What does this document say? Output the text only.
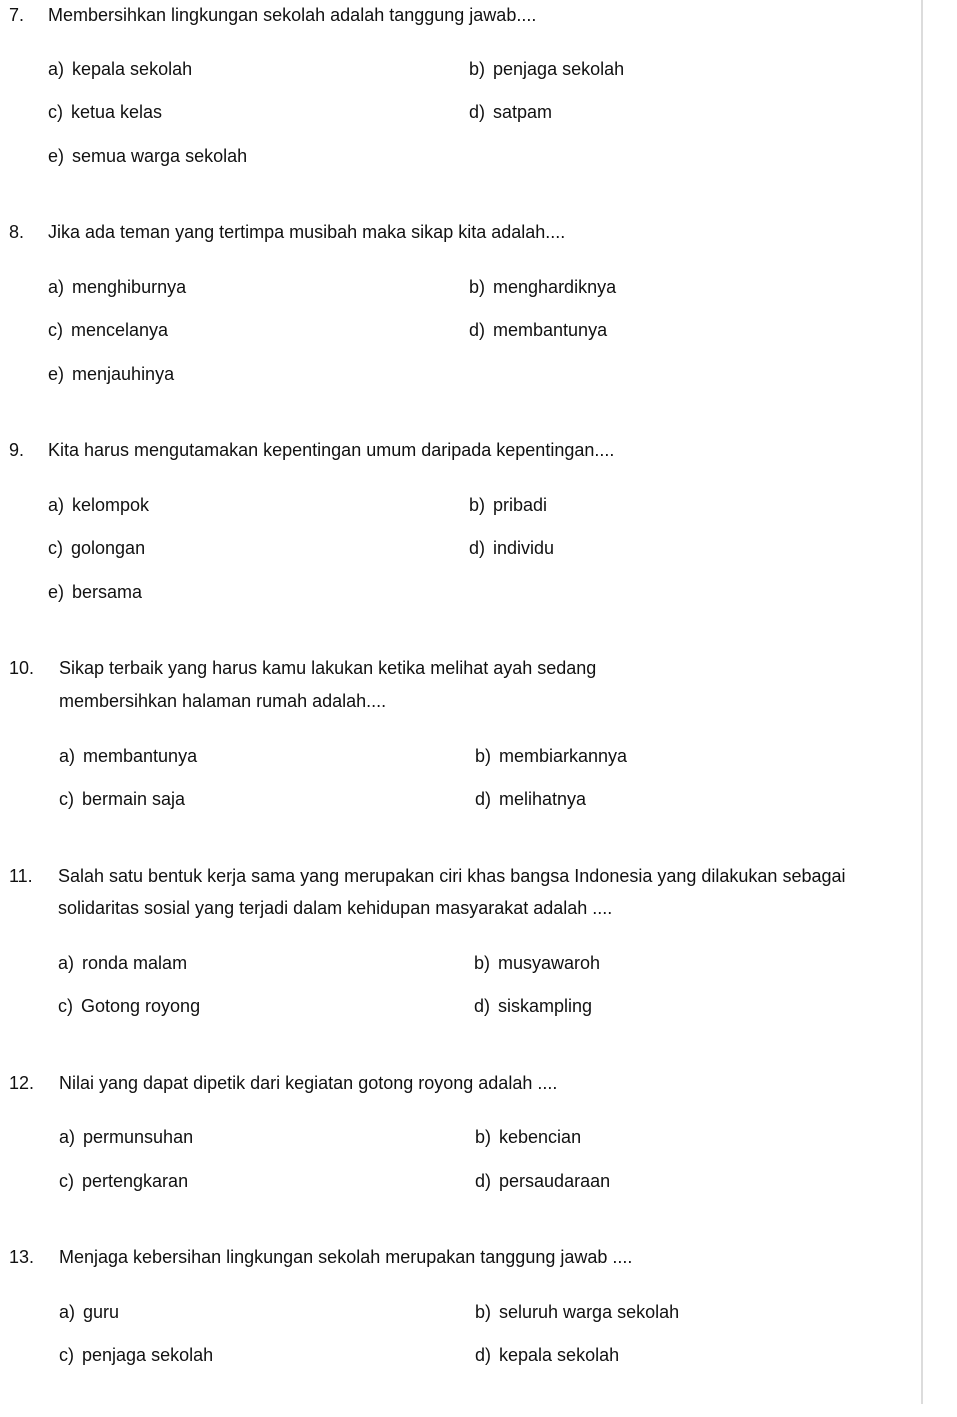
7. Membersihkan lingkungan sekolah adalah tanggung jawab....
a) kepala sekolah	b) penjaga sekolah
c) ketua kelas	d) satpam
e) semua warga sekolah
8. Jika ada teman yang tertimpa musibah maka sikap kita adalah....
a) menghiburnya	b) menghardiknya
c) mencelanya	d) membantunya
e) menjauhinya
9. Kita harus mengutamakan kepentingan umum daripada kepentingan....
a) kelompok	b) pribadi
c) golongan	d) individu
e) bersama
10. Sikap terbaik yang harus kamu lakukan ketika melihat ayah sedang
membersihkan halaman rumah adalah....
a) membantunya	b) membiarkannya
c) bermain saja	d) melihatnya
11. Salah satu bentuk kerja sama yang merupakan ciri khas bangsa Indonesia yang dilakukan sebagai
solidaritas sosial yang terjadi dalam kehidupan masyarakat adalah ....
a) ronda malam	b) musyawaroh
c) Gotong royong	d) siskampling
12. Nilai yang dapat dipetik dari kegiatan gotong royong adalah ....
a) permunsuhan	b) kebencian
c) pertengkaran	d) persaudaraan
13. Menjaga kebersihan lingkungan sekolah merupakan tanggung jawab ....
a) guru	b) seluruh warga sekolah
c) penjaga sekolah	d) kepala sekolah
